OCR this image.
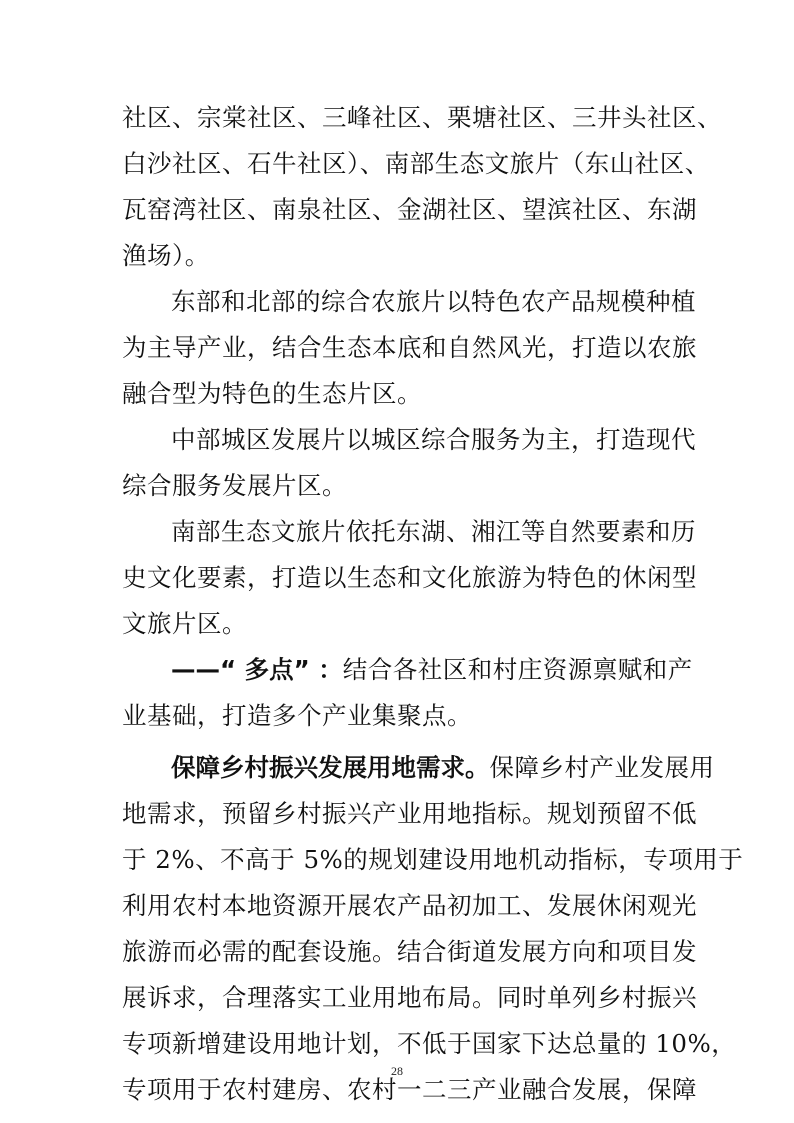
社区、宗棠社区、三峰社区、栗塘社区、三井头社区、
白沙社区、石牛社区）、南部生态文旅片（东山社区、
瓦窑湾社区、南泉社区、金湖社区、望滨社区、东湖
渔场）。
东部和北部的综合农旅片以特色农产品规模种植
为主导产业，结合生态本底和自然风光，打造以农旅
融合型为特色的生态片区。
中部城区发展片以城区综合服务为主，打造现代
综合服务发展片区。
南部生态文旅片依托东湖、湘江等自然要素和历
史文化要素，打造以生态和文化旅游为特色的休闲型
文旅片区。
——“ 多点” ：结合各社区和村庄资源禀赋和产
业基础，打造多个产业集聚点。
保障乡村振兴发展用地需求。保障乡村产业发展用
地需求，预留乡村振兴产业用地指标。规划预留不低
于 2%、不高于 5%的规划建设用地机动指标，专项用于
利用农村本地资源开展农产品初加工、发展休闲观光
旅游而必需的配套设施。结合街道发展方向和项目发
展诉求，合理落实工业用地布局。同时单列乡村振兴
专项新增建设用地计划，不低于国家下达总量的 10%，
专项用于农村建房、农村一二三产业融合发展，保障
28
